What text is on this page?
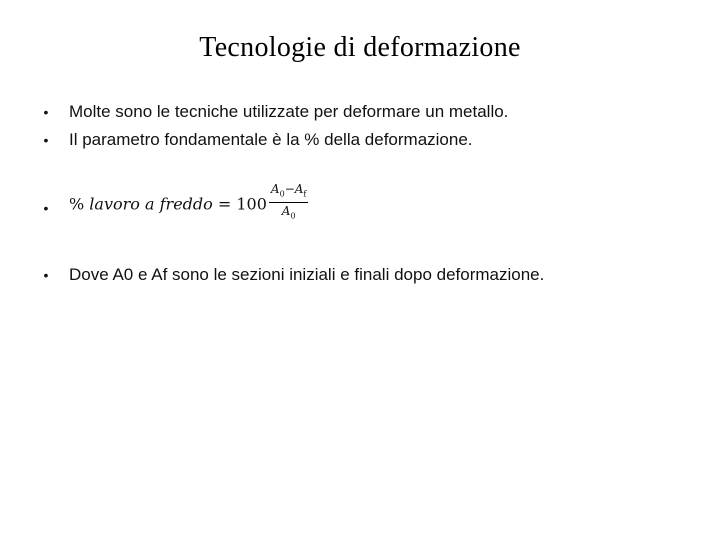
Tecnologie di deformazione
• Molte sono le tecniche utilizzate per deformare un metallo.
• Il parametro fondamentale è la % della deformazione.
• % lavoro a freddo = $100 \frac{A_0-A_f}{A_0}$
• Dove A0 e Af sono le sezioni iniziali e finali dopo deformazione.
